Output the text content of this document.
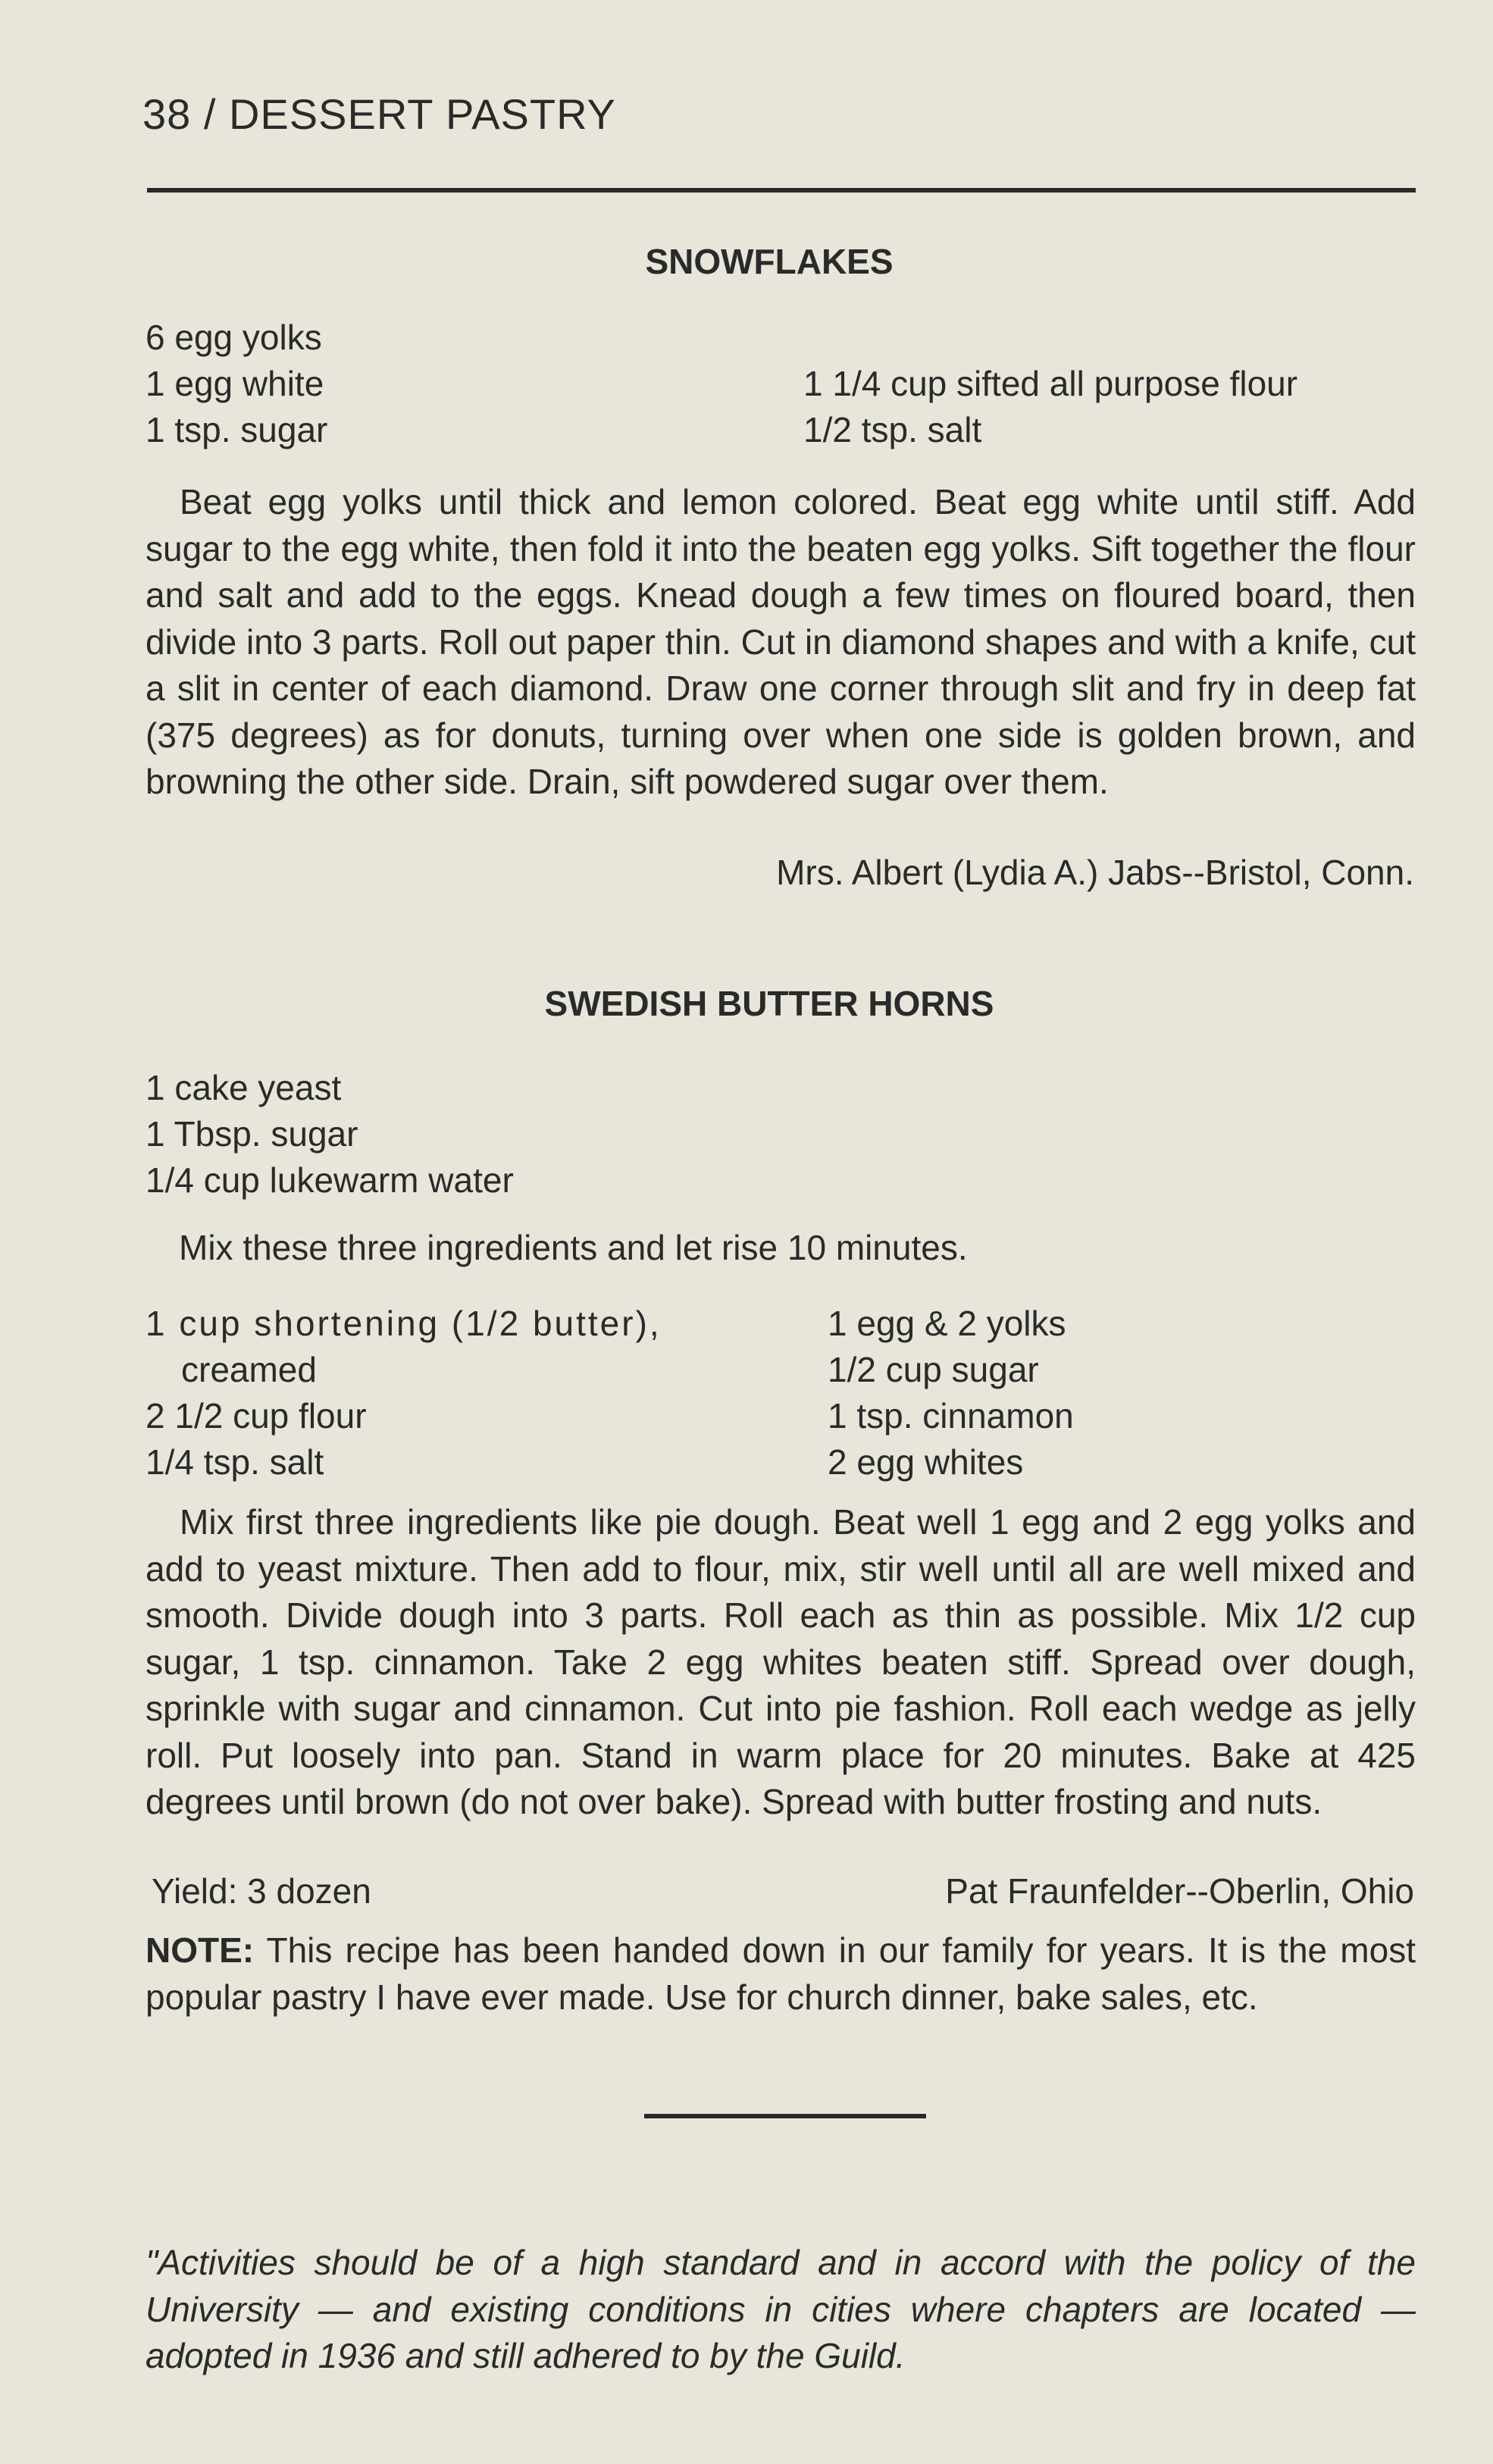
38 / DESSERT PASTRY
SNOWFLAKES
6 egg yolks
1 egg white
1 tsp. sugar
1 1/4 cup sifted all purpose flour
1/2 tsp. salt

Beat egg yolks until thick and lemon colored. Beat egg white until stiff. Add sugar to the egg white, then fold it into the beaten egg yolks. Sift together the flour and salt and add to the eggs. Knead dough a few times on floured board, then divide into 3 parts. Roll out paper thin. Cut in diamond shapes and with a knife, cut a slit in center of each diamond. Draw one corner through slit and fry in deep fat (375 degrees) as for donuts, turning over when one side is golden brown, and browning the other side. Drain, sift powdered sugar over them.

Mrs. Albert (Lydia A.) Jabs--Bristol, Conn.
SWEDISH BUTTER HORNS
1 cake yeast
1 Tbsp. sugar
1/4 cup lukewarm water
Mix these three ingredients and let rise 10 minutes.
1 cup shortening (1/2 butter),
creamed
2 1/2 cup flour
1/4 tsp. salt
1 egg & 2 yolks
1/2 cup sugar
1 tsp. cinnamon
2 egg whites

Mix first three ingredients like pie dough. Beat well 1 egg and 2 egg yolks and add to yeast mixture. Then add to flour, mix, stir well until all are well mixed and smooth. Divide dough into 3 parts. Roll each as thin as possible. Mix 1/2 cup sugar, 1 tsp. cinnamon. Take 2 egg whites beaten stiff. Spread over dough, sprinkle with sugar and cinnamon. Cut into pie fashion. Roll each wedge as jelly roll. Put loosely into pan. Stand in warm place for 20 minutes. Bake at 425 degrees until brown (do not over bake). Spread with butter frosting and nuts.

Yield: 3 dozen	Pat Fraunfelder--Oberlin, Ohio

NOTE: This recipe has been handed down in our family for years. It is the most popular pastry I have ever made. Use for church dinner, bake sales, etc.

"Activities should be of a high standard and in accord with the policy of the University — and existing conditions in cities where chapters are located — adopted in 1936 and still adhered to by the Guild.
